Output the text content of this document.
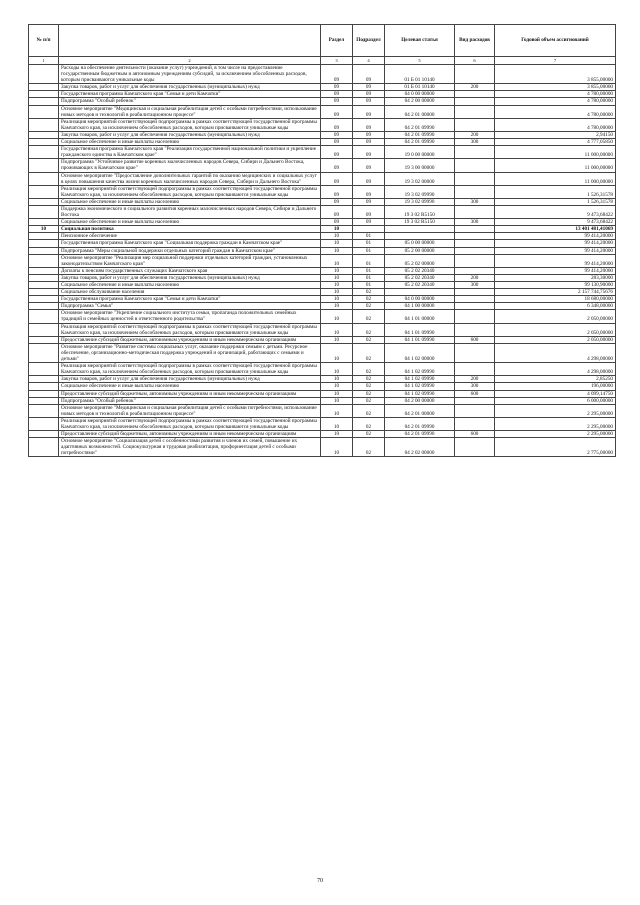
№ п/п		Раздел	Подраздел	Целевая статья	Вид расходов	Годовой объем ассигнований
1	2	3	4	5	6	7
	Расходы на обеспечение деятельности (оказание услуг) учреждений, в том числе на предоставление государственным бюджетным и автономным учреждениям субсидий, за исключением обособленных расходов, которым присваиваются уникальные коды	09	09	01 Б 01 10140		3 855,00000
	Закупка товаров, работ и услуг для обеспечения государственных (муниципальных) нужд	09	09	01 Б 01 10140	200	3 855,00000
	Государственная программа Камчатского края "Семья и дети Камчатки"	09	09	04 0 00 00000		4 780,00000
	Подпрограмма "Особый ребенок"	09	09	04 2 00 00000		4 780,00000
	Основное мероприятие "Медицинская и социальная реабилитация детей с особыми потребностями, использование новых методов и технологий в реабилитационном процессе"	09	09	04 2 01 00000		4 780,00000
	Реализация мероприятий соответствующей подпрограммы в рамках соответствующей государственной программы Камчатского края, за исключением обособленных расходов, которым присваиваются уникальные коды	09	09	04 2 01 09990		4 780,00000
	Закупка товаров, работ и услуг для обеспечения государственных (муниципальных) нужд	09	09	04 2 01 09990	200	2,94150
	Социальное обеспечение и иные выплаты населению	09	09	04 2 01 09990	300	4 777,05850
	Государственная программа Камчатского края "Реализация государственной национальной политики и укрепление гражданского единства в Камчатском крае"	09	09	19 0 00 00000		11 000,00000
	Подпрограмма "Устойчивое развитие коренных малочисленных народов Севера, Сибири и Дальнего Востока, проживающих в Камчатском крае"	09	09	19 3 00 00000		11 000,00000
	Основное мероприятие "Предоставление дополнительных гарантий по оказанию медицинских и социальных услуг в целях повышения качества жизни коренных малочисленных народов Севера, Сибири и Дальнего Востока"	09	09	19 3 02 00000		11 000,00000
	Реализация мероприятий соответствующей подпрограммы в рамках соответствующей государственной программы Камчатского края, за исключением обособленных расходов, которым присваиваются уникальные коды	09	09	19 3 02 09990		1 526,31578
	Социальное обеспечение и иные выплаты населению	09	09	19 3 02 09990	300	1 526,31578
	Поддержка экономического и социального развития коренных малочисленных народов Севера, Сибири и Дальнего Востока	09	09	19 3 02 R5150		9 473,68422
	Социальное обеспечение и иные выплаты населению	09	09	19 3 02 R5150	300	9 473,68422
10	Социальная политика	10				13 401 481,41069
	Пенсионное обеспечение	10	01			99 414,20000
	Государственная программа Камчатского края "Социальная поддержка граждан в Камчатском крае"	10	01	05 0 00 00000		99 414,20000
	Подпрограмма "Меры социальной поддержки отдельных категорий граждан в Камчатском крае"	10	01	05 2 00 00000		99 414,20000
	Основное мероприятие "Реализация мер социальной поддержки отдельных категорий граждан, установленных законодательством Камчатского края"	10	01	05 2 02 00000		99 414,20000
	Доплаты к пенсиям государственных служащих Камчатского края	10	01	05 2 02 20340		99 414,20000
	Закупка товаров, работ и услуг для обеспечения государственных (муниципальных) нужд	10	01	05 2 02 20340	200	283,30000
	Социальное обеспечение и иные выплаты населению	10	01	05 2 02 20340	300	99 130,90000
	Социальное обслуживание населения	10	02			2 157 744,75676
	Государственная программа Камчатского края "Семья и дети Камчатки"	10	02	04 0 00 00000		18 680,00000
	Подпрограмма "Семья"	10	02	04 1 00 00000		6 348,00000
	Основное мероприятие "Укрепление социального института семьи, пропаганда положительных семейных традиций и семейных ценностей в ответственного родительства"	10	02	04 1 01 00000		2 050,00000
	Реализация мероприятий соответствующей подпрограммы в рамках соответствующей государственной программы Камчатского края, за исключением обособленных расходов, которым присваиваются уникальные коды	10	02	04 1 01 09990		2 050,00000
	Предоставление субсидий бюджетным, автономным учреждениям и иным некоммерческим организациям	10	02	04 1 01 09990	600	2 050,00000
	Основное мероприятие "Развитие системы социальных услуг, оказание поддержки семьям с детьми. Ресурсное обеспечение, организационно-методическая поддержка учреждений и организаций, работающих с семьями и детьми"	10	02	04 1 02 00000		4 298,00000
	Реализация мероприятий соответствующей подпрограммы в рамках соответствующей государственной программы Камчатского края, за исключением обособленных расходов, которым присваиваются уникальные коды	10	02	04 1 02 09990		4 298,00000
	Закупка товаров, работ и услуг для обеспечения государственных (муниципальных) нужд	10	02	04 1 02 09990	200	2,85250
	Социальное обеспечение и иные выплаты населению	10	02	04 1 02 09990	300	196,00000
	Предоставление субсидий бюджетным, автономным учреждениям и иным некоммерческим организациям	10	02	04 1 02 09990	600	4 099,14750
	Подпрограмма "Особый ребенок"	10	02	04 2 00 00000		6 000,00000
	Основное мероприятие "Медицинская и социальная реабилитация детей с особыми потребностями, использование новых методов и технологий в реабилитационном процессе"	10	02	04 2 01 00000		2 295,00000
	Реализация мероприятий соответствующей подпрограммы в рамках соответствующей государственной программы Камчатского края, за исключением обособленных расходов, которым присваиваются уникальные коды	10	02	04 2 01 09990		2 295,00000
	Предоставление субсидий бюджетным, автономным учреждениям и иным некоммерческим организациям	10	02	04 2 01 09990	600	2 295,00000
	Основное мероприятие "Социализация детей с особенностями развития и членов их семей, повышение их адаптивных возможностей. Социокультурная и трудовая реабилитация, профориентация детей с особыми потребностями"	10	02	04 2 02 00000		2 775,00000
70
